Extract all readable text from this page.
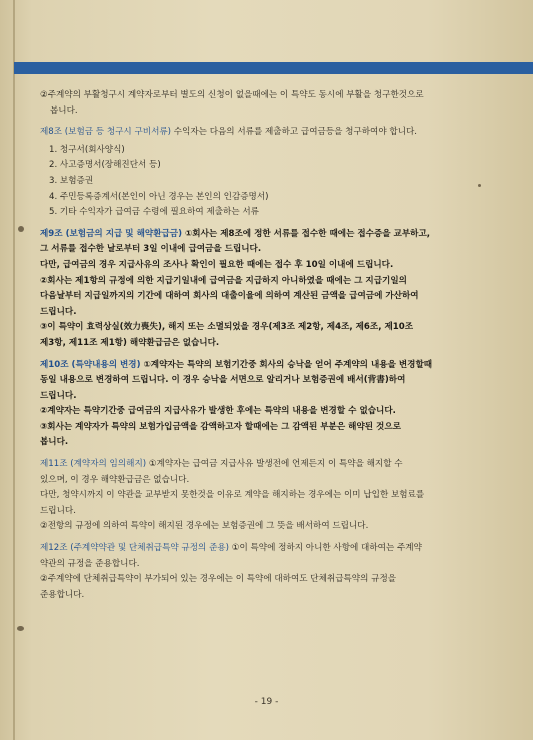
②주계약의 부활청구시 계약자로부터 별도의 신청이 없을때에는 이 특약도 동시에 부활을 청구한것으로

봅니다.

제8조 (보험금 등 청구시 구비서류) 수익자는 다음의 서류를 제출하고 급여금등을 청구하여야 합니다.

1. 청구서(회사양식)
2. 사고증명서(장해진단서 등)
3. 보험증권
4. 주민등록증계서(본인이 아닌 경우는 본인의 인감증명서)
5. 기타 수익자가 급여금 수령에 필요하여 제출하는 서류

제9조 (보험금의 지급 및 해약환급금) ①회사는 제8조에 정한 서류를 접수한 때에는 접수증을 교부하고,

그 서류를 접수한 날로부터 3일 이내에 급여금을 드립니다.

다만, 급여금의 경우 지급사유의 조사나 확인이 필요한 때에는 접수 후 10일 이내에 드립니다.

②회사는 제1항의 규정에 의한 지급기일내에 급여금을 지급하지 아니하였을 때에는 그 지급기일의

다음날부터 지급일까지의 기간에 대하여 회사의 대출이율에 의하여 계산된 금액을 급여금에 가산하여

드립니다.

③이 특약이 효력상실(效力喪失), 해지 또는 소멸되었을 경우(제3조 제2항, 제4조, 제6조, 제10조

제3항, 제11조 제1항) 해약환급금은 없습니다.

제10조 (특약내용의 변경) ①계약자는 특약의 보험기간중 회사의 승낙을 얻어 주계약의 내용을 변경할때

동일 내용으로 변경하여 드립니다. 이 경우 승낙을 서면으로 알리거나 보험증권에 배서(背書)하여

드립니다.

②계약자는 특약기간중 급여금의 지급사유가 발생한 후에는 특약의 내용을 변경할 수 없습니다.

③회사는 계약자가 특약의 보험가입금액을 감액하고자 할때에는 그 감액된 부분은 해약된 것으로

봅니다.

제11조 (계약자의 임의해지) ①계약자는 급여금 지급사유 발생전에 언제든지 이 특약을 해지할 수

있으며, 이 경우 해약환급금은 없습니다.

다만, 청약시까지 이 약관을 교부받지 못한것을 이유로 계약을 해지하는 경우에는 이미 납입한 보험료를

드립니다.

②전항의 규정에 의하여 특약이 해지된 경우에는 보험증권에 그 뜻을 배서하여 드립니다.

제12조 (주계약약관 및 단체취급특약 규정의 준용) ①이 특약에 정하지 아니한 사항에 대하여는 주계약

약관의 규정을 준용합니다.

②주계약에 단체취급특약이 부가되어 있는 경우에는 이 특약에 대하여도 단체취급특약의 규정을

준용합니다.

- 19 -
